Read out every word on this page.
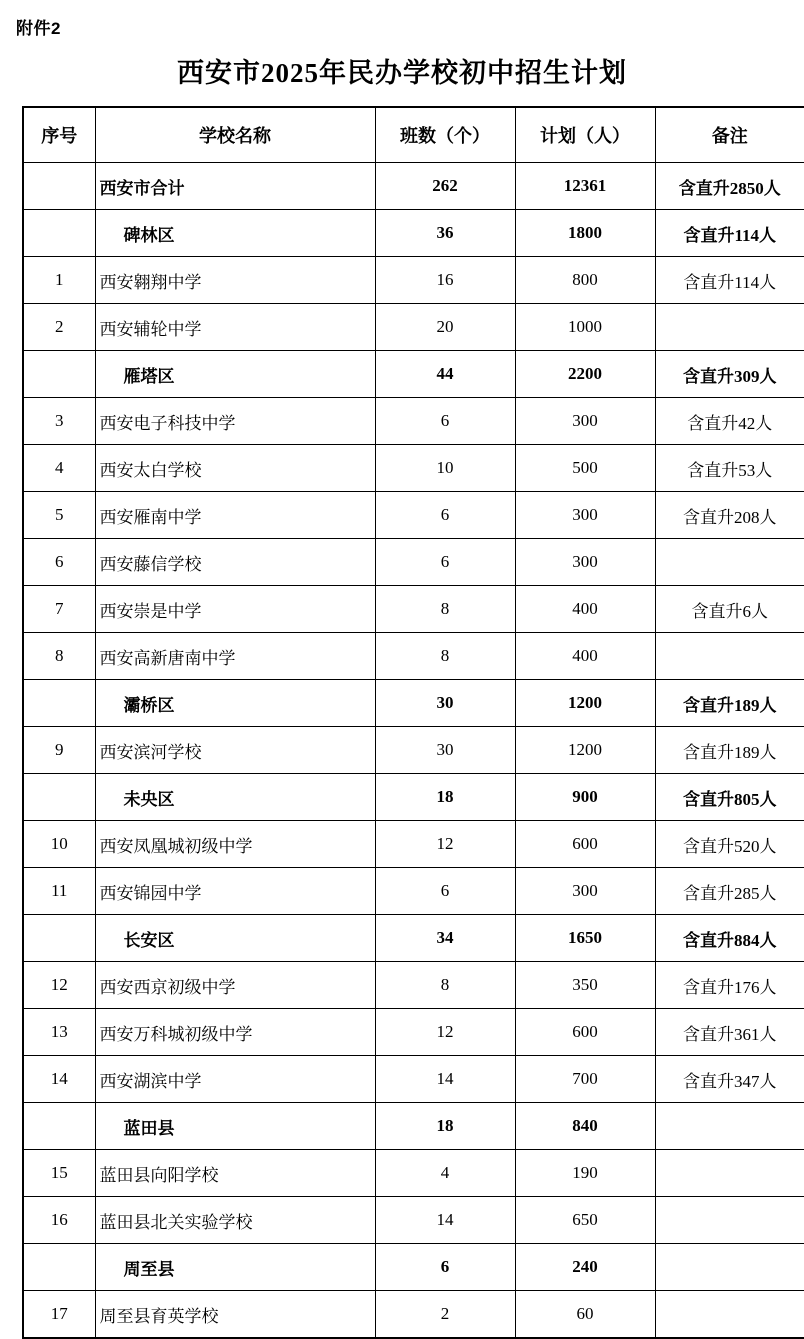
附件2
西安市2025年民办学校初中招生计划
序号	学校名称	班数（个）	计划（人）	备注
	西安市合计	262	12361	含直升2850人
	碑林区	36	1800	含直升114人
1	西安翱翔中学	16	800	含直升114人
2	西安辅轮中学	20	1000	
	雁塔区	44	2200	含直升309人
3	西安电子科技中学	6	300	含直升42人
4	西安太白学校	10	500	含直升53人
5	西安雁南中学	6	300	含直升208人
6	西安藤信学校	6	300	
7	西安崇是中学	8	400	含直升6人
8	西安高新唐南中学	8	400	
	灞桥区	30	1200	含直升189人
9	西安滨河学校	30	1200	含直升189人
	未央区	18	900	含直升805人
10	西安凤凰城初级中学	12	600	含直升520人
11	西安锦园中学	6	300	含直升285人
	长安区	34	1650	含直升884人
12	西安西京初级中学	8	350	含直升176人
13	西安万科城初级中学	12	600	含直升361人
14	西安湖滨中学	14	700	含直升347人
	蓝田县	18	840	
15	蓝田县向阳学校	4	190	
16	蓝田县北关实验学校	14	650	
	周至县	6	240	
17	周至县育英学校	2	60	
